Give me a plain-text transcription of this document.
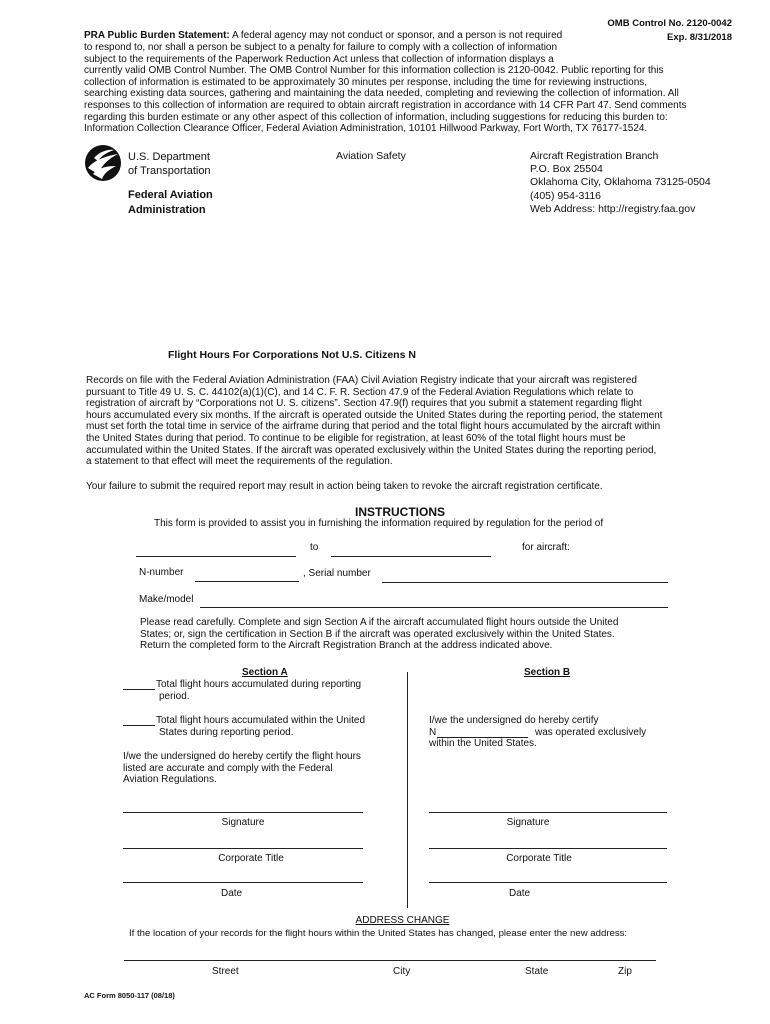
OMB Control No. 2120-0042
Exp. 8/31/2018
PRA Public Burden Statement: A federal agency may not conduct or sponsor, and a person is not required
to respond to, nor shall a person be subject to a penalty for failure to comply with a collection of information
subject to the requirements of the Paperwork Reduction Act unless that collection of information displays a
currently valid OMB Control Number. The OMB Control Number for this information collection is 2120-0042. Public reporting for this
collection of information is estimated to be approximately 30 minutes per response, including the time for reviewing instructions,
searching existing data sources, gathering and maintaining the data needed, completing and reviewing the collection of information. All
responses to this collection of information are required to obtain aircraft registration in accordance with 14 CFR Part 47. Send comments
regarding this burden estimate or any other aspect of this collection of information, including suggestions for reducing this burden to:
Information Collection Clearance Officer, Federal Aviation Administration, 10101 Hillwood Parkway, Fort Worth, TX 76177-1524.
U.S. Department
of Transportation
Federal Aviation
Administration
Aviation Safety	Aircraft Registration Branch
P.O. Box 25504
Oklahoma City, Oklahoma 73125-0504
(405) 954-3116
Web Address: http://registry.faa.gov
Flight Hours For Corporations Not U.S. Citizens N
Records on file with the Federal Aviation Administration (FAA) Civil Aviation Registry indicate that your aircraft was registered
pursuant to Title 49 U. S. C. 44102(a)(1)(C), and 14 C. F. R. Section 47.9 of the Federal Aviation Regulations which relate to
registration of aircraft by “Corporations not U. S. citizens”. Section 47.9(f) requires that you submit a statement regarding flight
hours accumulated every six months. If the aircraft is operated outside the United States during the reporting period, the statement
must set forth the total time in service of the airframe during that period and the total flight hours accumulated by the aircraft within
the United States during that period. To continue to be eligible for registration, at least 60% of the total flight hours must be
accumulated within the United States. If the aircraft was operated exclusively within the United States during the reporting period,
a statement to that effect will meet the requirements of the regulation.
Your failure to submit the required report may result in action being taken to revoke the aircraft registration certificate.
INSTRUCTIONS
This form is provided to assist you in furnishing the information required by regulation for the period of
to	for aircraft:
N-number	, Serial number
Make/model
Please read carefully. Complete and sign Section A if the aircraft accumulated flight hours outside the United
States; or, sign the certification in Section B if the aircraft was operated exclusively within the United States.
Return the completed form to the Aircraft Registration Branch at the address indicated above.
Section A
Total flight hours accumulated during reporting
period.
Total flight hours accumulated within the United
States during reporting period.
I/we the undersigned do hereby certify the flight hours
listed are accurate and comply with the Federal
Aviation Regulations.
Signature
Corporate Title
Date
Section B
I/we the undersigned do hereby certify
N	was operated exclusively
within the United States.
Signature
Corporate Title
Date
ADDRESS CHANGE
If the location of your records for the flight hours within the United States has changed, please enter the new address:
Street	City	State	Zip
AC Form 8050-117 (08/18)
